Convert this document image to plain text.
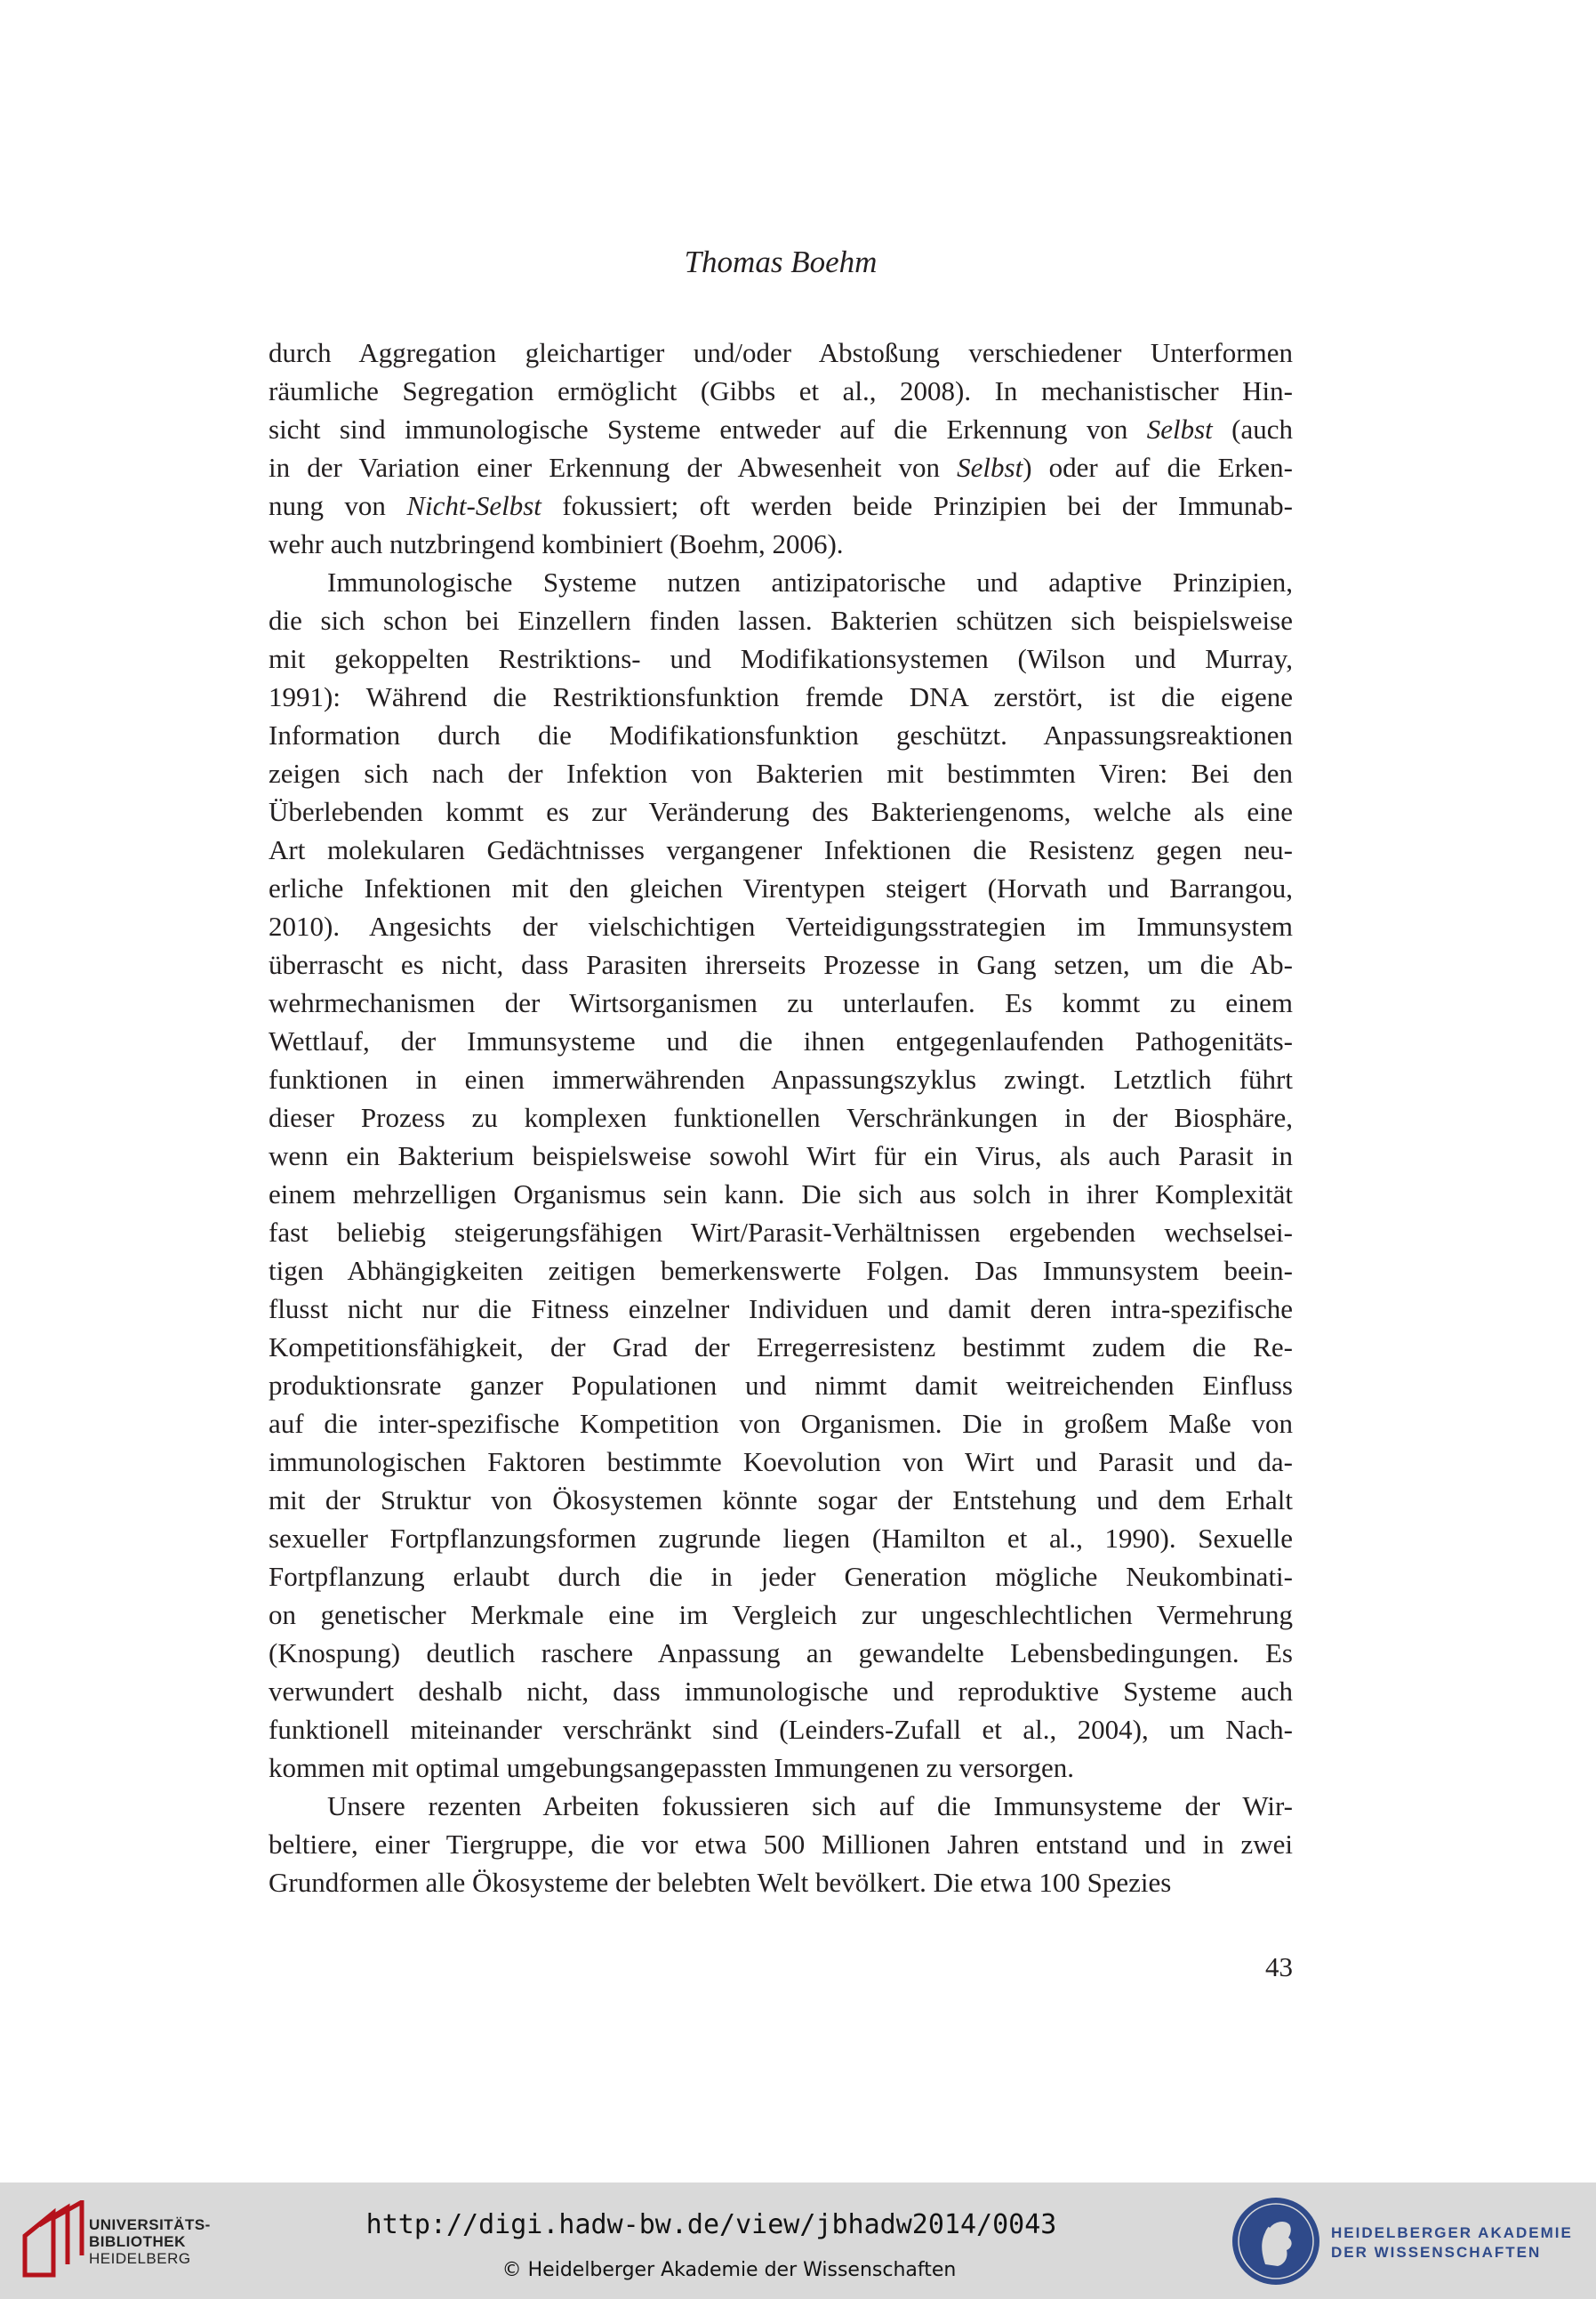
Thomas Boehm
durch Aggregation gleichartiger und/oder Abstoßung verschiedener Unterformen
räumliche Segregation ermöglicht (Gibbs et al., 2008). In mechanistischer Hin-
sicht sind immunologische Systeme entweder auf die Erkennung von Selbst (auch
in der Variation einer Erkennung der Abwesenheit von Selbst) oder auf die Erken-
nung von Nicht-Selbst fokussiert; oft werden beide Prinzipien bei der Immunab-
wehr auch nutzbringend kombiniert (Boehm, 2006).
Immunologische Systeme nutzen antizipatorische und adaptive Prinzipien,
die sich schon bei Einzellern finden lassen. Bakterien schützen sich beispielsweise
mit gekoppelten Restriktions- und Modifikationsystemen (Wilson und Murray,
1991): Während die Restriktionsfunktion fremde DNA zerstört, ist die eigene
Information durch die Modifikationsfunktion geschützt. Anpassungsreaktionen
zeigen sich nach der Infektion von Bakterien mit bestimmten Viren: Bei den
Überlebenden kommt es zur Veränderung des Bakteriengenoms, welche als eine
Art molekularen Gedächtnisses vergangener Infektionen die Resistenz gegen neu-
erliche Infektionen mit den gleichen Virentypen steigert (Horvath und Barrangou,
2010). Angesichts der vielschichtigen Verteidigungsstrategien im Immunsystem
überrascht es nicht, dass Parasiten ihrerseits Prozesse in Gang setzen, um die Ab-
wehrmechanismen der Wirtsorganismen zu unterlaufen. Es kommt zu einem
Wettlauf, der Immunsysteme und die ihnen entgegenlaufenden Pathogenitäts-
funktionen in einen immerwährenden Anpassungszyklus zwingt. Letztlich führt
dieser Prozess zu komplexen funktionellen Verschränkungen in der Biosphäre,
wenn ein Bakterium beispielsweise sowohl Wirt für ein Virus, als auch Parasit in
einem mehrzelligen Organismus sein kann. Die sich aus solch in ihrer Komplexität
fast beliebig steigerungsfähigen Wirt/Parasit-Verhältnissen ergebenden wechselsei-
tigen Abhängigkeiten zeitigen bemerkenswerte Folgen. Das Immunsystem beein-
flusst nicht nur die Fitness einzelner Individuen und damit deren intra-spezifische
Kompetitionsfähigkeit, der Grad der Erregerresistenz bestimmt zudem die Re-
produktionsrate ganzer Populationen und nimmt damit weitreichenden Einfluss
auf die inter-spezifische Kompetition von Organismen. Die in großem Maße von
immunologischen Faktoren bestimmte Koevolution von Wirt und Parasit und da-
mit der Struktur von Ökosystemen könnte sogar der Entstehung und dem Erhalt
sexueller Fortpflanzungsformen zugrunde liegen (Hamilton et al., 1990). Sexuelle
Fortpflanzung erlaubt durch die in jeder Generation mögliche Neukombinati-
on genetischer Merkmale eine im Vergleich zur ungeschlechtlichen Vermehrung
(Knospung) deutlich raschere Anpassung an gewandelte Lebensbedingungen. Es
verwundert deshalb nicht, dass immunologische und reproduktive Systeme auch
funktionell miteinander verschränkt sind (Leinders-Zufall et al., 2004), um Nach-
kommen mit optimal umgebungsangepassten Immungenen zu versorgen.
Unsere rezenten Arbeiten fokussieren sich auf die Immunsysteme der Wir-
beltiere, einer Tiergruppe, die vor etwa 500 Millionen Jahren entstand und in zwei
Grundformen alle Ökosysteme der belebten Welt bevölkert. Die etwa 100 Spezies
43
UNIVERSITÄTS-
BIBLIOTHEK
HEIDELBERG
http://digi.hadw-bw.de/view/jbhadw2014/0043
© Heidelberger Akademie der Wissenschaften
HEIDELBERGER AKADEMIE
DER WISSENSCHAFTEN
